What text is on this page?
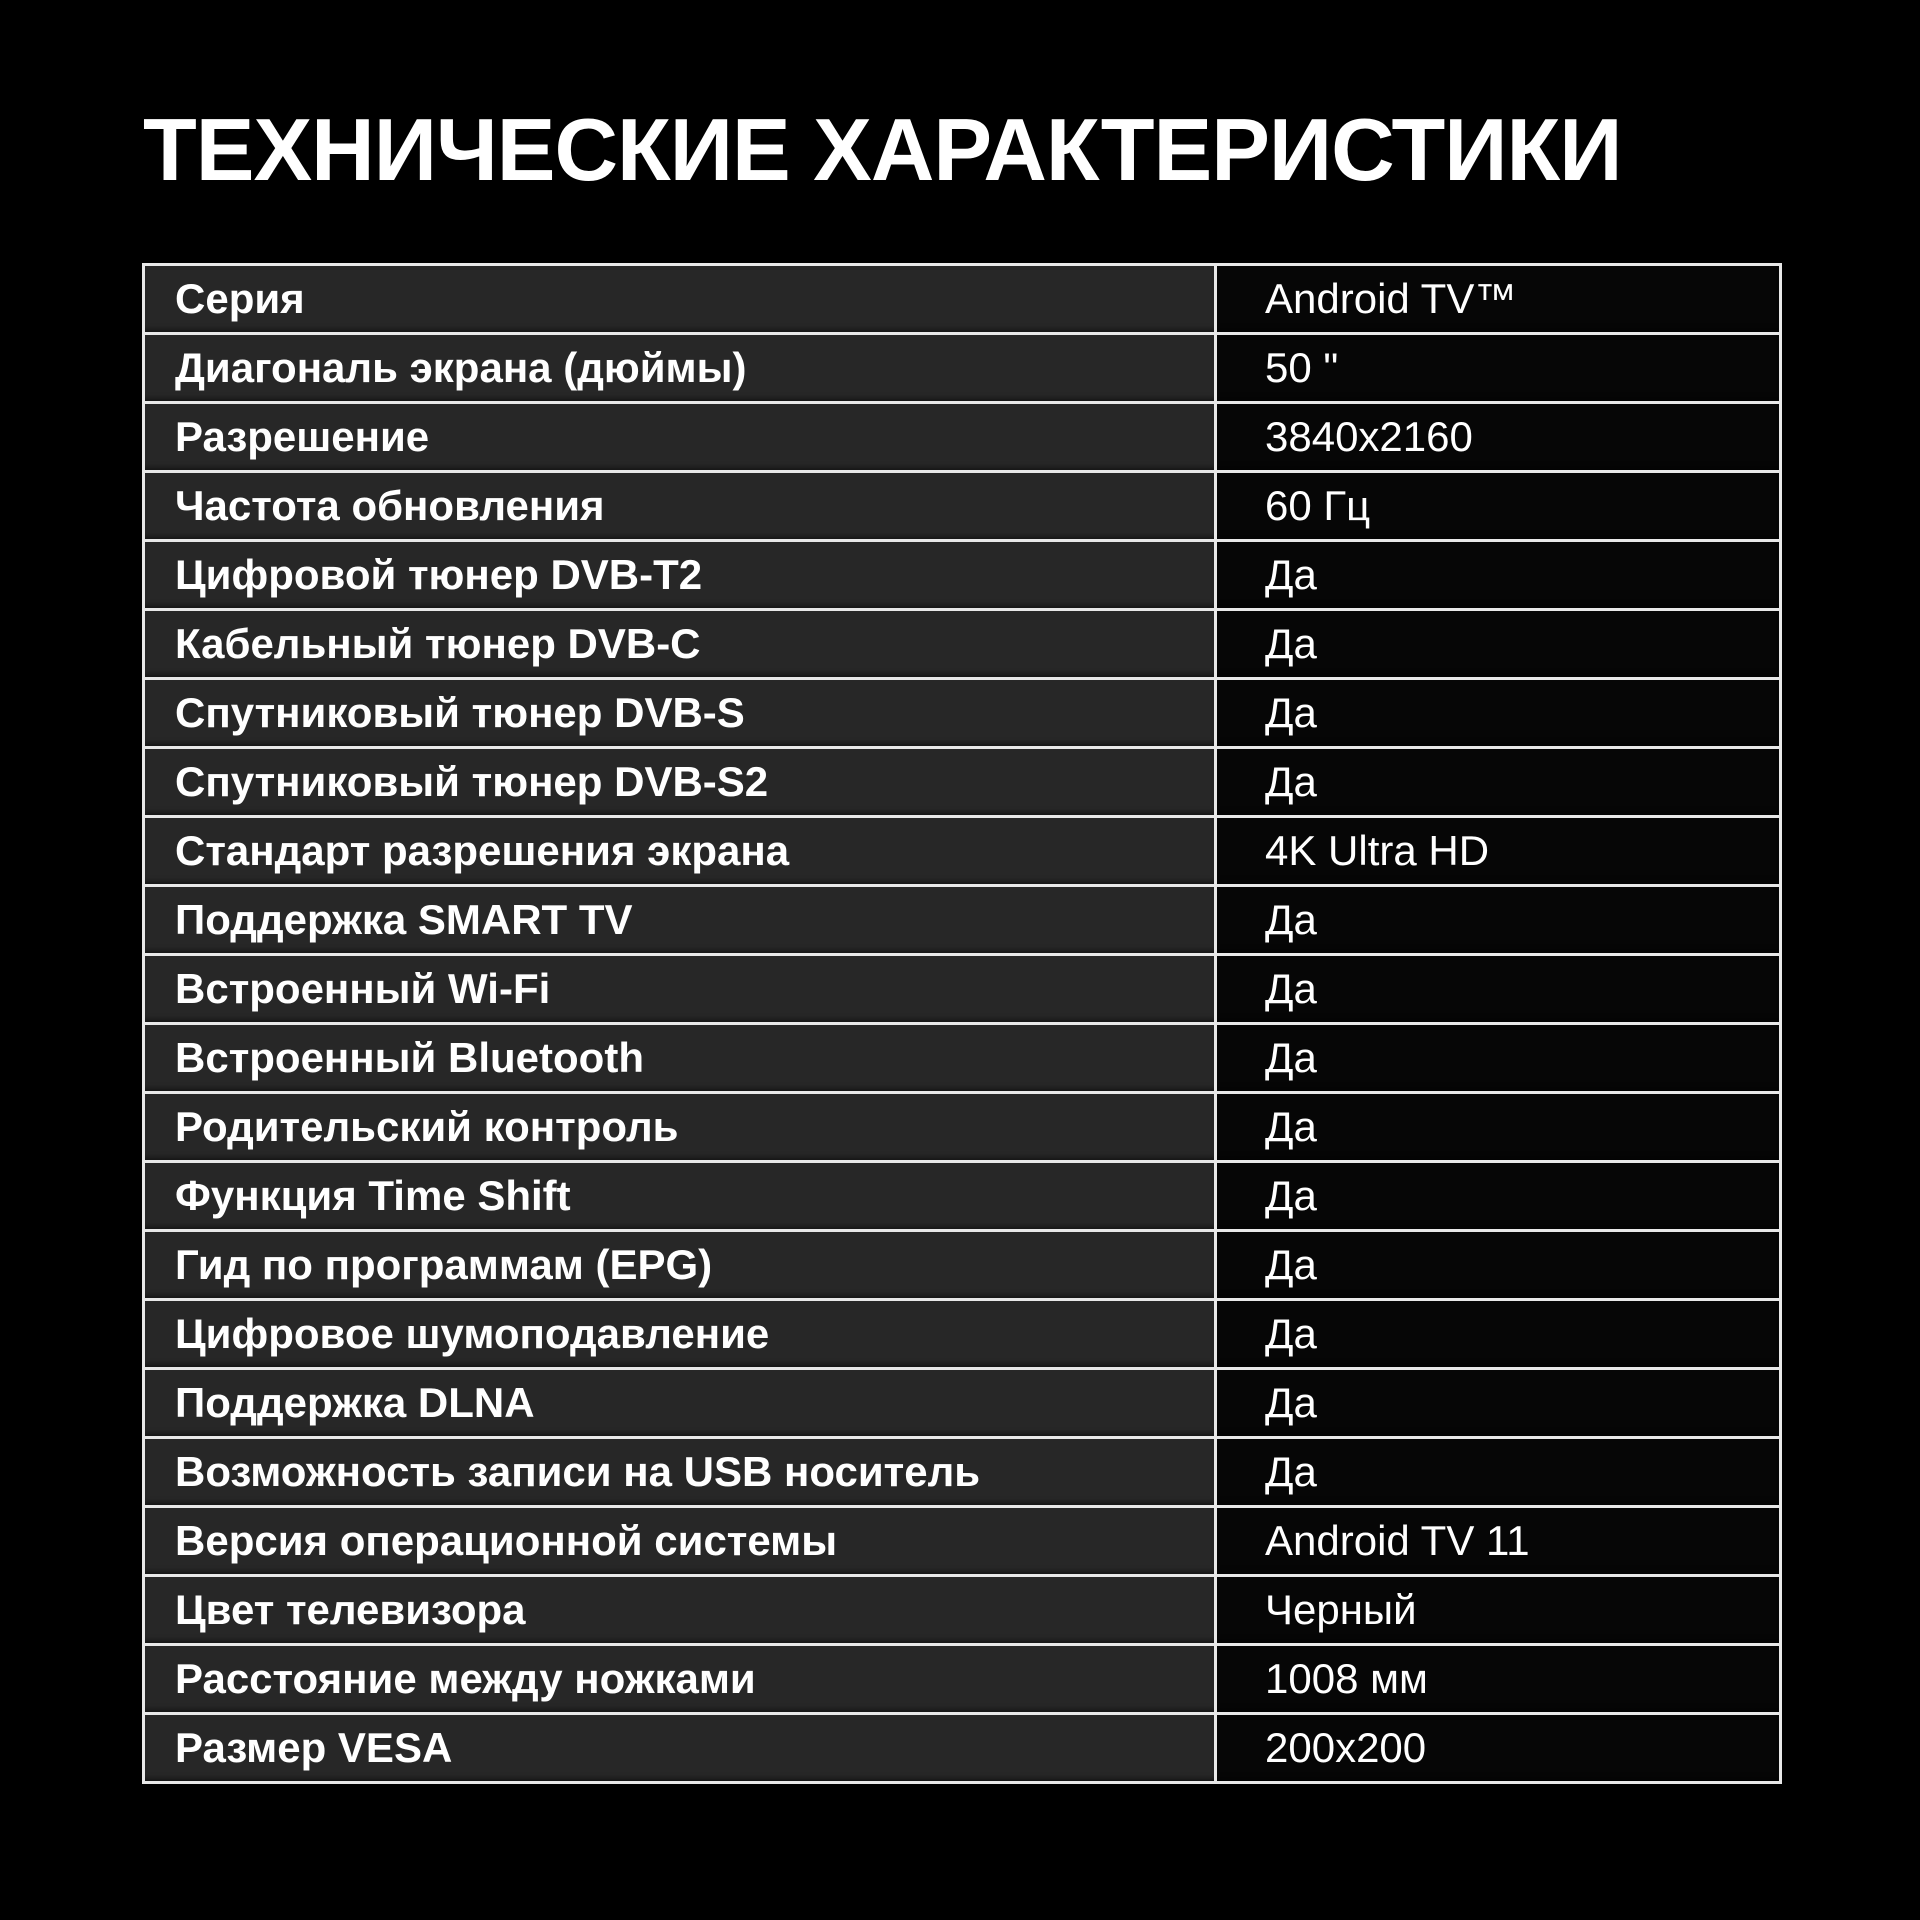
ТЕХНИЧЕСКИЕ ХАРАКТЕРИСТИКИ
Серия	Android TV™
Диагональ экрана (дюймы)	50 "
Разрешение	3840x2160
Частота обновления	60 Гц
Цифровой тюнер DVB-T2	Да
Кабельный тюнер DVB-C	Да
Спутниковый тюнер DVB-S	Да
Спутниковый тюнер DVB-S2	Да
Стандарт разрешения экрана	4K Ultra HD
Поддержка SMART TV	Да
Встроенный Wi-Fi	Да
Встроенный Bluetooth	Да
Родительский контроль	Да
Функция Time Shift	Да
Гид по программам (EPG)	Да
Цифровое шумоподавление	Да
Поддержка DLNA	Да
Возможность записи на USB носитель	Да
Версия операционной системы	Android TV 11
Цвет телевизора	Черный
Расстояние между ножками	1008 мм
Размер VESA	200x200
